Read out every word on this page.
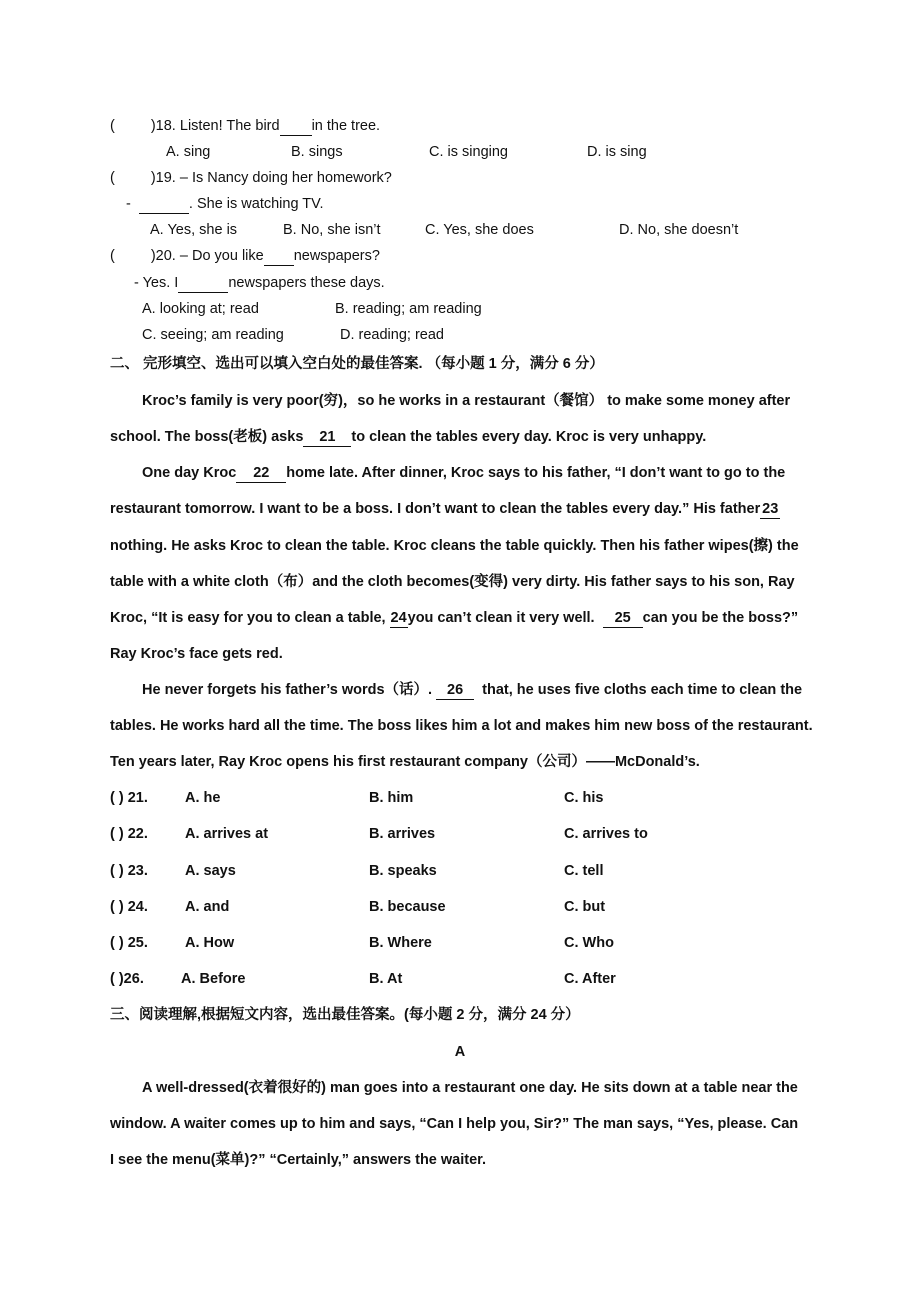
( )18. Listen! The bird in the tree.
A. sing	B. sings	C. is singing	D. is sing
( )19. – Is Nancy doing her homework?
-	. She is watching TV.
A. Yes, she is	B. No, she isn’t	C. Yes, she does	D. No, she doesn’t
( )20. – Do you like newspapers?
- Yes. I	newspapers these days.
A. looking at; read	B. reading; am reading
C. seeing; am reading	D. reading; read
二、 完形填空、选出可以填入空白处的最佳答案. （每小题 1 分，满分 6 分）
Kroc’s family is very poor(穷)，so he works in a restaurant（餐馆） to make some money after
school. The boss(老板) asks 21 to clean the tables every day. Kroc is very unhappy.
One day Kroc 22 home late. After dinner, Kroc says to his father, “I don’t want to go to the
restaurant tomorrow. I want to be a boss. I don’t want to clean the tables every day.” His father 23
nothing. He asks Kroc to clean the table. Kroc cleans the table quickly. Then his father wipes(擦) the
table with a white cloth（布）and the cloth becomes(变得) very dirty. His father says to his son, Ray
Kroc, “It is easy for you to clean a table, 24you can’t clean it very well. 25 can you be the boss?”
Ray Kroc’s face gets red.
He never forgets his father’s words（话）. 26 that, he uses five cloths each time to clean the
tables. He works hard all the time. The boss likes him a lot and makes him new boss of the restaurant.
Ten years later, Ray Kroc opens his first restaurant company（公司）——McDonald’s.
( ) 21.	A. he	B. him	C. his
( ) 22.	A. arrives at	B. arrives	C. arrives to
( ) 23.	A. says	B. speaks	C. tell
( ) 24.	A. and	B. because	C. but
( ) 25.	A. How	B. Where	C. Who
( )26.	A. Before	B. At	C. After
三、阅读理解,根据短文内容，选出最佳答案。(每小题 2 分，满分 24 分）
A
A well-dressed(衣着很好的) man goes into a restaurant one day. He sits down at a table near the
window. A waiter comes up to him and says, “Can I help you, Sir?” The man says, “Yes, please. Can
I see the menu(菜单)?” “Certainly,” answers the waiter.
